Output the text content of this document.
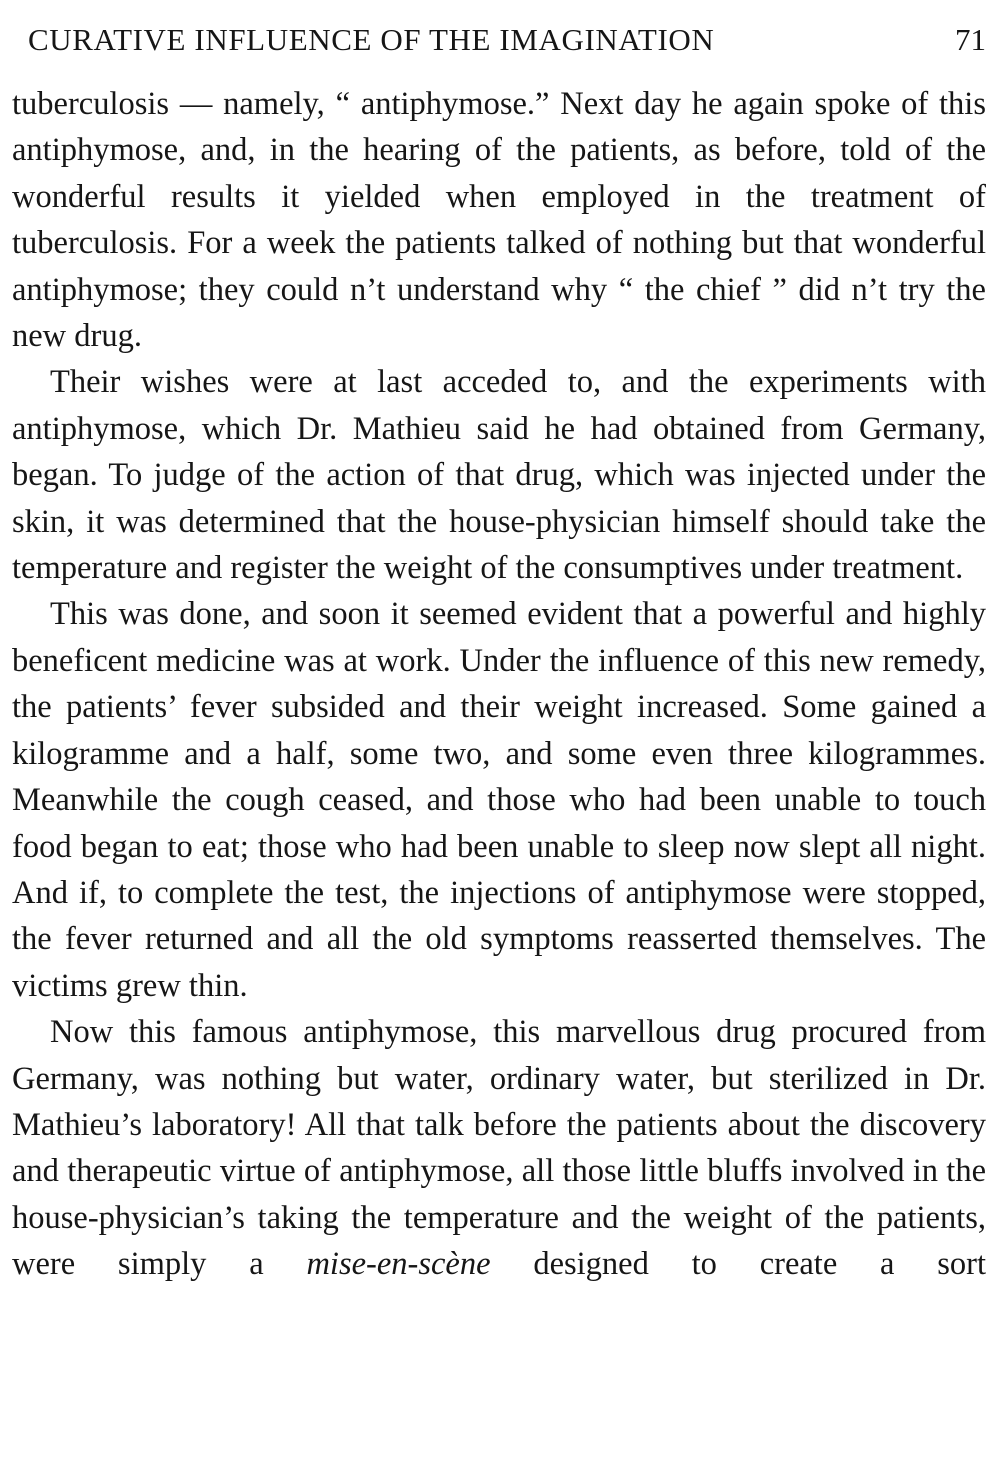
CURATIVE INFLUENCE OF THE IMAGINATION	71

tuberculosis — namely, “ antiphymose.” Next day he again spoke of this antiphymose, and, in the hearing of the patients, as before, told of the wonderful results it yielded when employed in the treatment of tuberculosis. For a week the patients talked of nothing but that wonderful antiphymose; they could n’t understand why “ the chief ” did n’t try the new drug.

Their wishes were at last acceded to, and the experiments with antiphymose, which Dr. Mathieu said he had obtained from Germany, began. To judge of the action of that drug, which was injected under the skin, it was determined that the house-physician himself should take the temperature and register the weight of the consumptives under treatment.

This was done, and soon it seemed evident that a powerful and highly beneficent medicine was at work. Under the influence of this new remedy, the patients’ fever subsided and their weight increased. Some gained a kilogramme and a half, some two, and some even three kilogrammes. Meanwhile the cough ceased, and those who had been unable to touch food began to eat; those who had been unable to sleep now slept all night. And if, to complete the test, the injections of antiphymose were stopped, the fever returned and all the old symptoms reasserted themselves. The victims grew thin.

Now this famous antiphymose, this marvellous drug procured from Germany, was nothing but water, ordinary water, but sterilized in Dr. Mathieu’s laboratory! All that talk before the patients about the discovery and therapeutic virtue of antiphymose, all those little bluffs involved in the house-physician’s taking the temperature and the weight of the patients, were simply a mise-en-scène designed to create a sort
